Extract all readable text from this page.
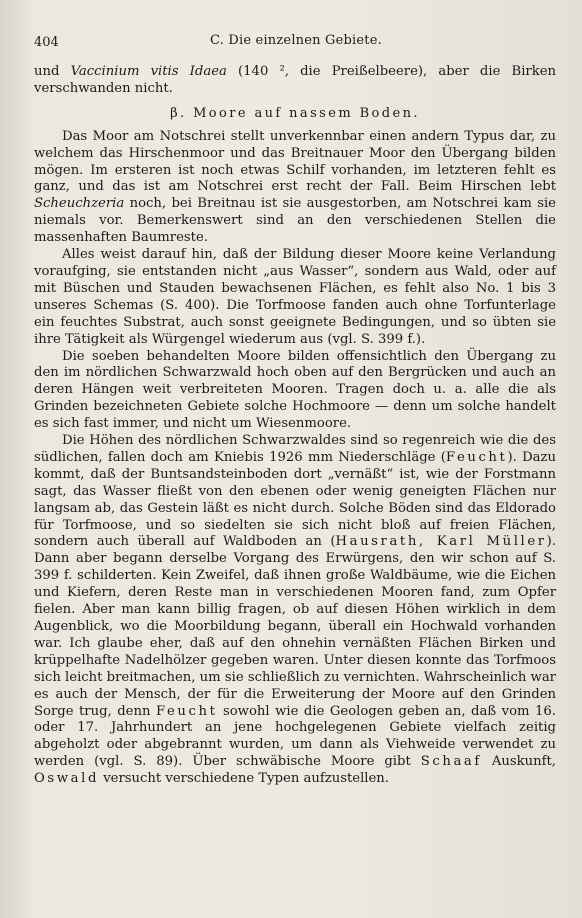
404	C. Die einzelnen Gebiete.

und Vaccinium vitis Idaea (140 ², die Preißelbeere), aber die Birken verschwanden nicht.

β. Moore auf nassem Boden.

Das Moor am Notschrei stellt unverkennbar einen andern Typus dar, zu welchem das Hirschenmoor und das Breitnauer Moor den Übergang bilden mögen. Im ersteren ist noch etwas Schilf vorhanden, im letzteren fehlt es ganz, und das ist am Notschrei erst recht der Fall. Beim Hirschen lebt Scheuchzeria noch, bei Breitnau ist sie ausgestorben, am Notschrei kam sie niemals vor. Bemerkenswert sind an den verschiedenen Stellen die massenhaften Baumreste.

Alles weist darauf hin, daß der Bildung dieser Moore keine Verlandung voraufging, sie entstanden nicht „aus Wasser“, sondern aus Wald, oder auf mit Büschen und Stauden bewachsenen Flächen, es fehlt also No. 1 bis 3 unseres Schemas (S. 400). Die Torfmoose fanden auch ohne Torfunterlage ein feuchtes Substrat, auch sonst geeignete Bedingungen, und so übten sie ihre Tätigkeit als Würgengel wiederum aus (vgl. S. 399 f.).

Die soeben behandelten Moore bilden offensichtlich den Übergang zu den im nördlichen Schwarzwald hoch oben auf den Bergrücken und auch an deren Hängen weit verbreiteten Mooren. Tragen doch u. a. alle die als Grinden bezeichneten Gebiete solche Hochmoore — denn um solche handelt es sich fast immer, und nicht um Wiesenmoore.

Die Höhen des nördlichen Schwarzwaldes sind so regenreich wie die des südlichen, fallen doch am Kniebis 1926 mm Niederschläge (Feucht). Dazu kommt, daß der Buntsandsteinboden dort „vernäßt“ ist, wie der Forstmann sagt, das Wasser fließt von den ebenen oder wenig geneigten Flächen nur langsam ab, das Gestein läßt es nicht durch. Solche Böden sind das Eldorado für Torfmoose, und so siedelten sie sich nicht bloß auf freien Flächen, sondern auch überall auf Waldboden an (Hausrath, Karl Müller). Dann aber begann derselbe Vorgang des Erwürgens, den wir schon auf S. 399 f. schilderten. Kein Zweifel, daß ihnen große Waldbäume, wie die Eichen und Kiefern, deren Reste man in verschiedenen Mooren fand, zum Opfer fielen. Aber man kann billig fragen, ob auf diesen Höhen wirklich in dem Augenblick, wo die Moorbildung begann, überall ein Hochwald vorhanden war. Ich glaube eher, daß auf den ohnehin vernäßten Flächen Birken und krüppelhafte Nadelhölzer gegeben waren. Unter diesen konnte das Torfmoos sich leicht breitmachen, um sie schließlich zu vernichten. Wahrscheinlich war es auch der Mensch, der für die Erweiterung der Moore auf den Grinden Sorge trug, denn Feucht sowohl wie die Geologen geben an, daß vom 16. oder 17. Jahrhundert an jene hochgelegenen Gebiete vielfach zeitig abgeholzt oder abgebrannt wurden, um dann als Viehweide verwendet zu werden (vgl. S. 89). Über schwäbische Moore gibt Schaaf Auskunft, Oswald versucht verschiedene Typen aufzustellen.
